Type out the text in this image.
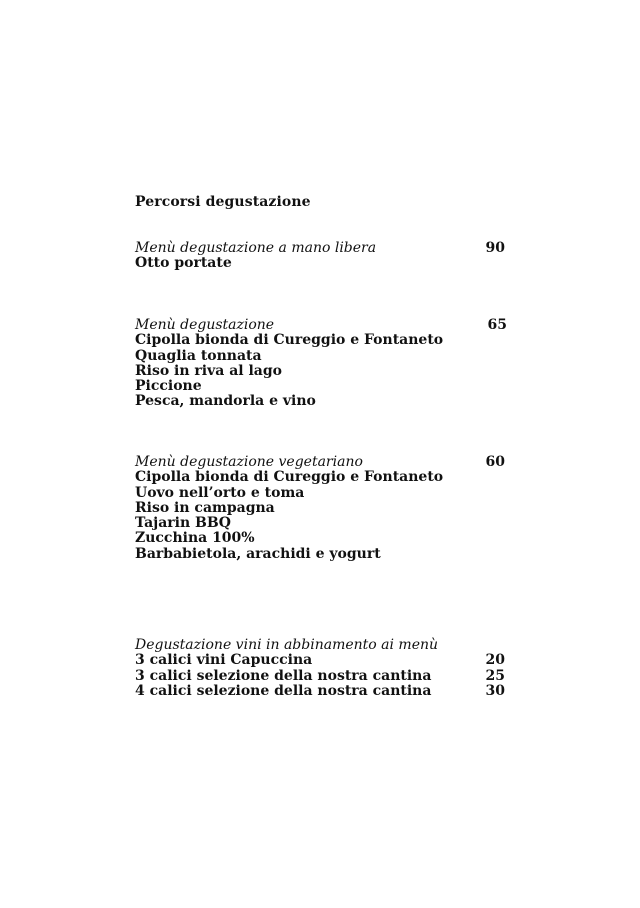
Percorsi degustazione
Menù degustazione a mano libera	90
Otto portate
Menù degustazione	65
Cipolla bionda di Cureggio e Fontaneto
Quaglia tonnata
Riso in riva al lago
Piccione
Pesca, mandorla e vino
Menù degustazione vegetariano	60
Cipolla bionda di Cureggio e Fontaneto
Uovo nell’orto e toma
Riso in campagna
Tajarin BBQ
Zucchina 100%
Barbabietola, arachidi e yogurt
Degustazione vini in abbinamento ai menù
3 calici vini Capuccina	20
3 calici selezione della nostra cantina	25
4 calici selezione della nostra cantina	30
